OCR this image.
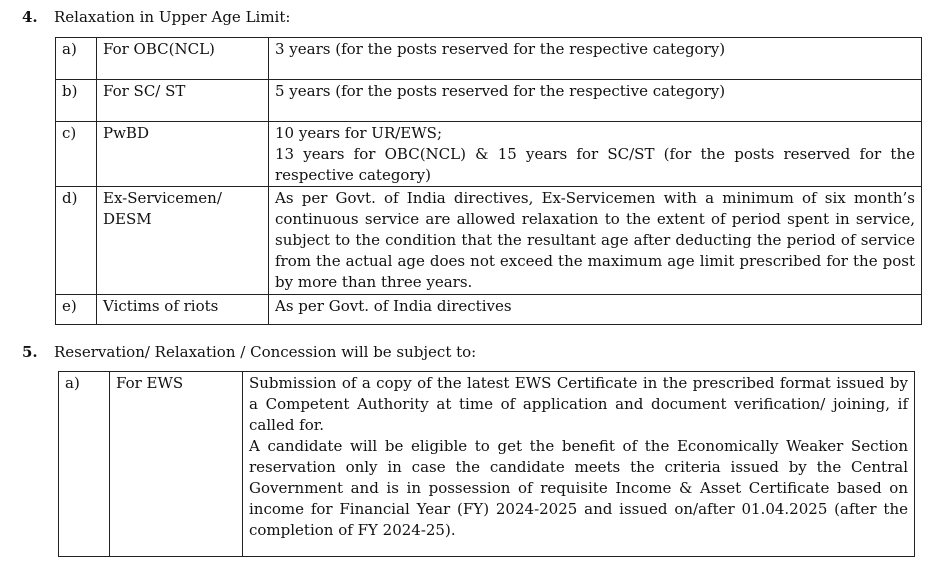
4. Relaxation in Upper Age Limit:
a)	For OBC(NCL)	3 years (for the posts reserved for the respective category)

b)	For SC/ ST	5 years (for the posts reserved for the respective category)

c)	PwBD	10 years for UR/EWS;
13 years for OBC(NCL) & 15 years for SC/ST (for the posts reserved for the respective category)

d)	Ex-Servicemen/ DESM	As per Govt. of India directives, Ex-Servicemen with a minimum of six month’s continuous service are allowed relaxation to the extent of period spent in service, subject to the condition that the resultant age after deducting the period of service from the actual age does not exceed the maximum age limit prescribed for the post by more than three years.

e)	Victims of riots	As per Govt. of India directives
5. Reservation/ Relaxation / Concession will be subject to:
a)	For EWS	Submission of a copy of the latest EWS Certificate in the prescribed format issued by a Competent Authority at time of application and document verification/ joining, if called for.
A candidate will be eligible to get the benefit of the Economically Weaker Section reservation only in case the candidate meets the criteria issued by the Central Government and is in possession of requisite Income & Asset Certificate based on income for Financial Year (FY) 2024-2025 and issued on/after 01.04.2025 (after the completion of FY 2024-25).
